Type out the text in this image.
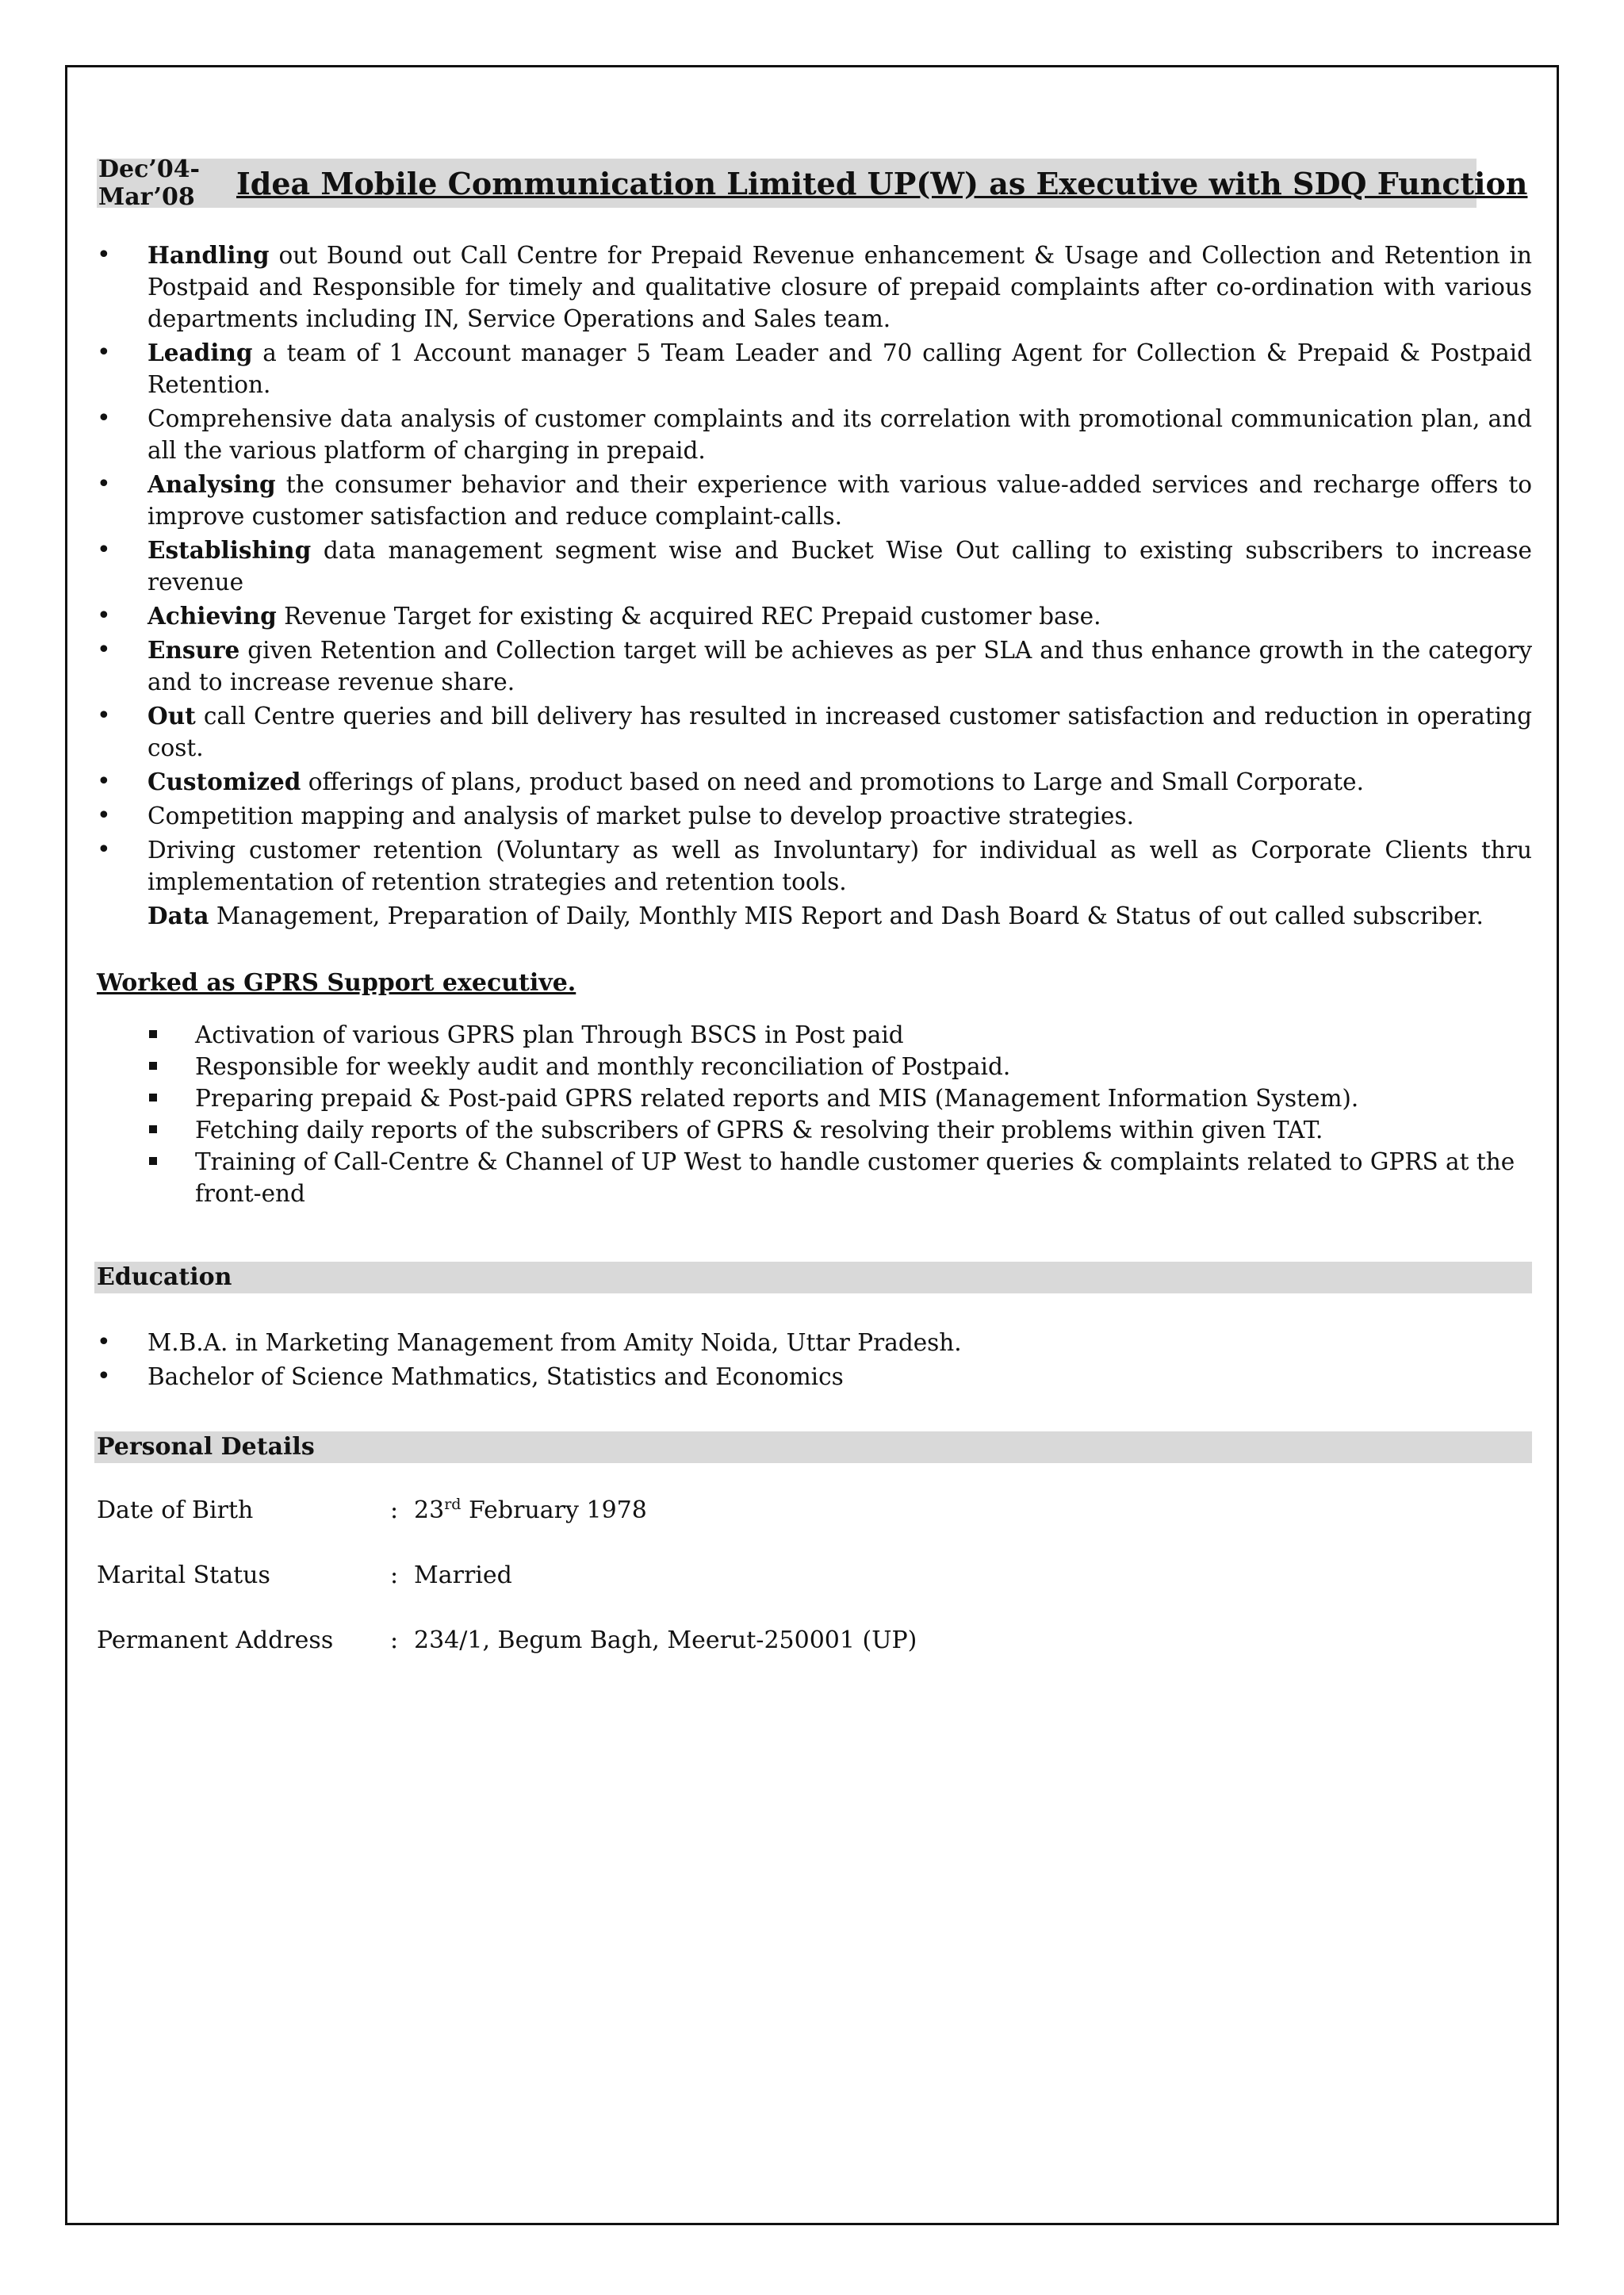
Dec’04- Mar’08 Idea Mobile Communication Limited UP(W) as Executive with SDQ Function
• Handling out Bound out Call Centre for Prepaid Revenue enhancement & Usage and Collection and Retention in Postpaid and Responsible for timely and qualitative closure of prepaid complaints after co-ordination with various departments including IN, Service Operations and Sales team.
• Leading a team of 1 Account manager 5 Team Leader and 70 calling Agent for Collection & Prepaid & Postpaid Retention.
• Comprehensive data analysis of customer complaints and its correlation with promotional communication plan, and all the various platform of charging in prepaid.
• Analysing the consumer behavior and their experience with various value-added services and recharge offers to improve customer satisfaction and reduce complaint-calls.
• Establishing data management segment wise and Bucket Wise Out calling to existing subscribers to increase revenue
• Achieving Revenue Target for existing & acquired REC Prepaid customer base.
• Ensure given Retention and Collection target will be achieves as per SLA and thus enhance growth in the category and to increase revenue share.
• Out call Centre queries and bill delivery has resulted in increased customer satisfaction and reduction in operating cost.
• Customized offerings of plans, product based on need and promotions to Large and Small Corporate.
• Competition mapping and analysis of market pulse to develop proactive strategies.
• Driving customer retention (Voluntary as well as Involuntary) for individual as well as Corporate Clients thru implementation of retention strategies and retention tools.
Data Management, Preparation of Daily, Monthly MIS Report and Dash Board & Status of out called subscriber.
Worked as GPRS Support executive.
Activation of various GPRS plan Through BSCS in Post paid
Responsible for weekly audit and monthly reconciliation of Postpaid.
Preparing prepaid & Post-paid GPRS related reports and MIS (Management Information System).
Fetching daily reports of the subscribers of GPRS & resolving their problems within given TAT.
Training of Call-Centre & Channel of UP West to handle customer queries & complaints related to GPRS at the front-end
Education
• M.B.A. in Marketing Management from Amity Noida, Uttar Pradesh.
• Bachelor of Science Mathmatics, Statistics and Economics
Personal Details
Date of Birth	: 23rd February 1978
Marital Status	: Married
Permanent Address	: 234/1, Begum Bagh, Meerut-250001 (UP)
